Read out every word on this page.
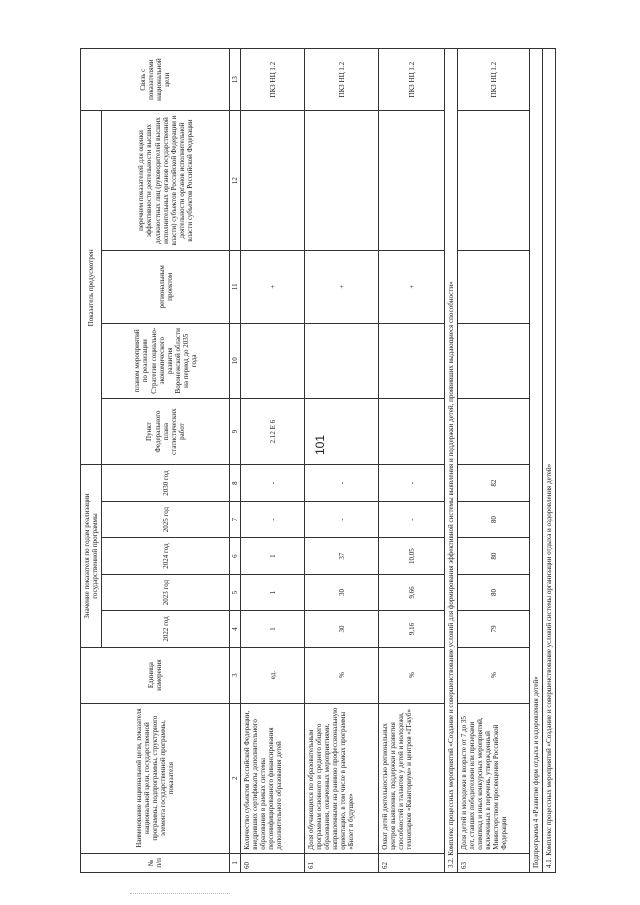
101
№ п/п	Наименование национальной цели, показателя национальной цели, государственной программы, подпрограммы, структурного элемента государственной программы, показателя	Единица измерения	Значение показателя по годам реализации государственной программы					Показатель предусмотрен				Связь с показателями национальной цели
			2022 год	2023 год	2024 год	2025 год	2030 год	Пункт Федерального плана статистических работ	планом мероприятий по реализации Стратегии социально-экономического развития Воронежской области на период до 2035 года	региональным проектом	перечнем показателей для оценки эффективности деятельности высших должностных лиц (руководителей высших исполнительных органов государственной власти) субъектов Российской Федерации и деятельности органов исполнительной власти субъектов Российской Федерации	
1	2	3	4	5	6	7	8	9	10	11	12	13
60	Количество субъектов Российской Федерации, внедривших сертификаты дополнительного образования в рамках системы персонифицированного финансирования дополнительного образования детей	ед.	1	1	1	-	-	2.12 Е 6		+		ПКЗ НЦ 1.2
61	Доля обучающихся по образовательным программам основного и среднего общего образования, охваченных мероприятиями, направленными на раннюю профессиональную ориентацию, в том числе в рамках программы «Билет в будущее»	%	30	30	37	-	-			+		ПКЗ НЦ 1.2
62	Охват детей деятельностью региональных центров выявления, поддержки и развития способностей и талантов у детей и молодежи, технопарков «Кванториум» и центров «IT-куб»	%	9,16	9,66	10,05	-	-			+		ПКЗ НЦ 1.2
3.2. Комплекс процессных мероприятий «Создание и совершенствование условий для формирования эффективной системы выявления и поддержки детей, проявивших выдающиеся способности»												
63	Доля детей и молодежи в возрасте от 7 до 35 лет, ставших победителями или призерами олимпиад и иных конкурсных мероприятий, включенных в перечень, утвержденный Министерством просвещения Российской Федерации	%	79	80	80	80	82					ПКЗ НЦ 1.2
Подпрограмма 4 «Развитие форм отдыха и оздоровления детей»												
4.1. Комплекс процессных мероприятий «Создание и совершенствование условий системы организации отдыха и оздоровления детей»												
